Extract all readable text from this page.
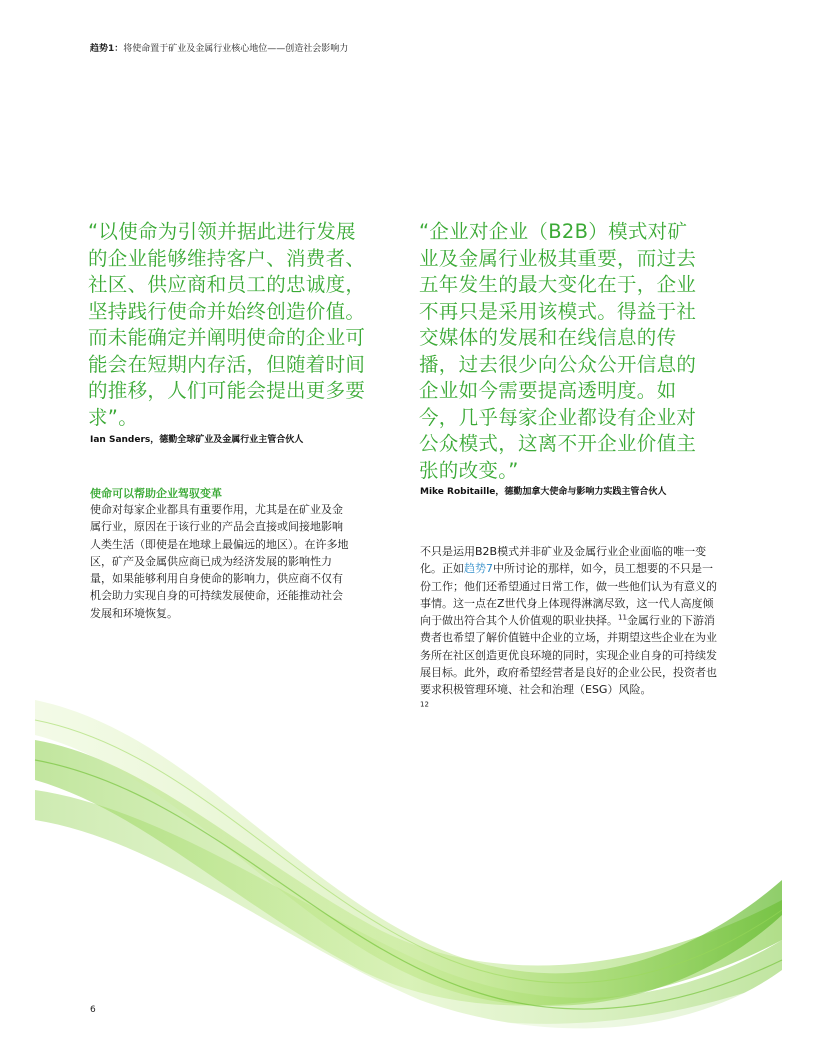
趋势1：将使命置于矿业及金属行业核心地位——创造社会影响力
“以使命为引领并据此进行发展的企业能够维持客户、消费者、社区、供应商和员工的忠诚度，坚持践行使命并始终创造价值。而未能确定并阐明使命的企业可能会在短期内存活，但随着时间的推移，人们可能会提出更多要求”。
Ian Sanders，德勤全球矿业及金属行业主管合伙人
使命可以帮助企业驾驭变革
使命对每家企业都具有重要作用，尤其是在矿业及金属行业，原因在于该行业的产品会直接或间接地影响人类生活（即使是在地球上最偏远的地区）。在许多地区，矿产及金属供应商已成为经济发展的影响性力量，如果能够利用自身使命的影响力，供应商不仅有机会助力实现自身的可持续发展使命，还能推动社会发展和环境恢复。
“企业对企业（B2B）模式对矿业及金属行业极其重要，而过去五年发生的最大变化在于，企业不再只是采用该模式。得益于社交媒体的发展和在线信息的传播，过去很少向公众公开信息的企业如今需要提高透明度。如今，几乎每家企业都设有企业对公众模式，这离不开企业价值主张的改变。”
Mike Robitaille，德勤加拿大使命与影响力实践主管合伙人
不只是运用B2B模式并非矿业及金属行业企业面临的唯一变化。正如趋势7中所讨论的那样，如今，员工想要的不只是一份工作；他们还希望通过日常工作，做一些他们认为有意义的事情。这一点在Z世代身上体现得淋漓尽致，这一代人高度倾向于做出符合其个人价值观的职业抉择。$^{11}$金属行业的下游消费者也希望了解价值链中企业的立场，并期望这些企业在为业务所在社区创造更优良环境的同时，实现企业自身的可持续发展目标。此外，政府希望经营者是良好的企业公民，投资者也要求积极管理环境、社会和治理（ESG）风险。
$^{12}$
6
